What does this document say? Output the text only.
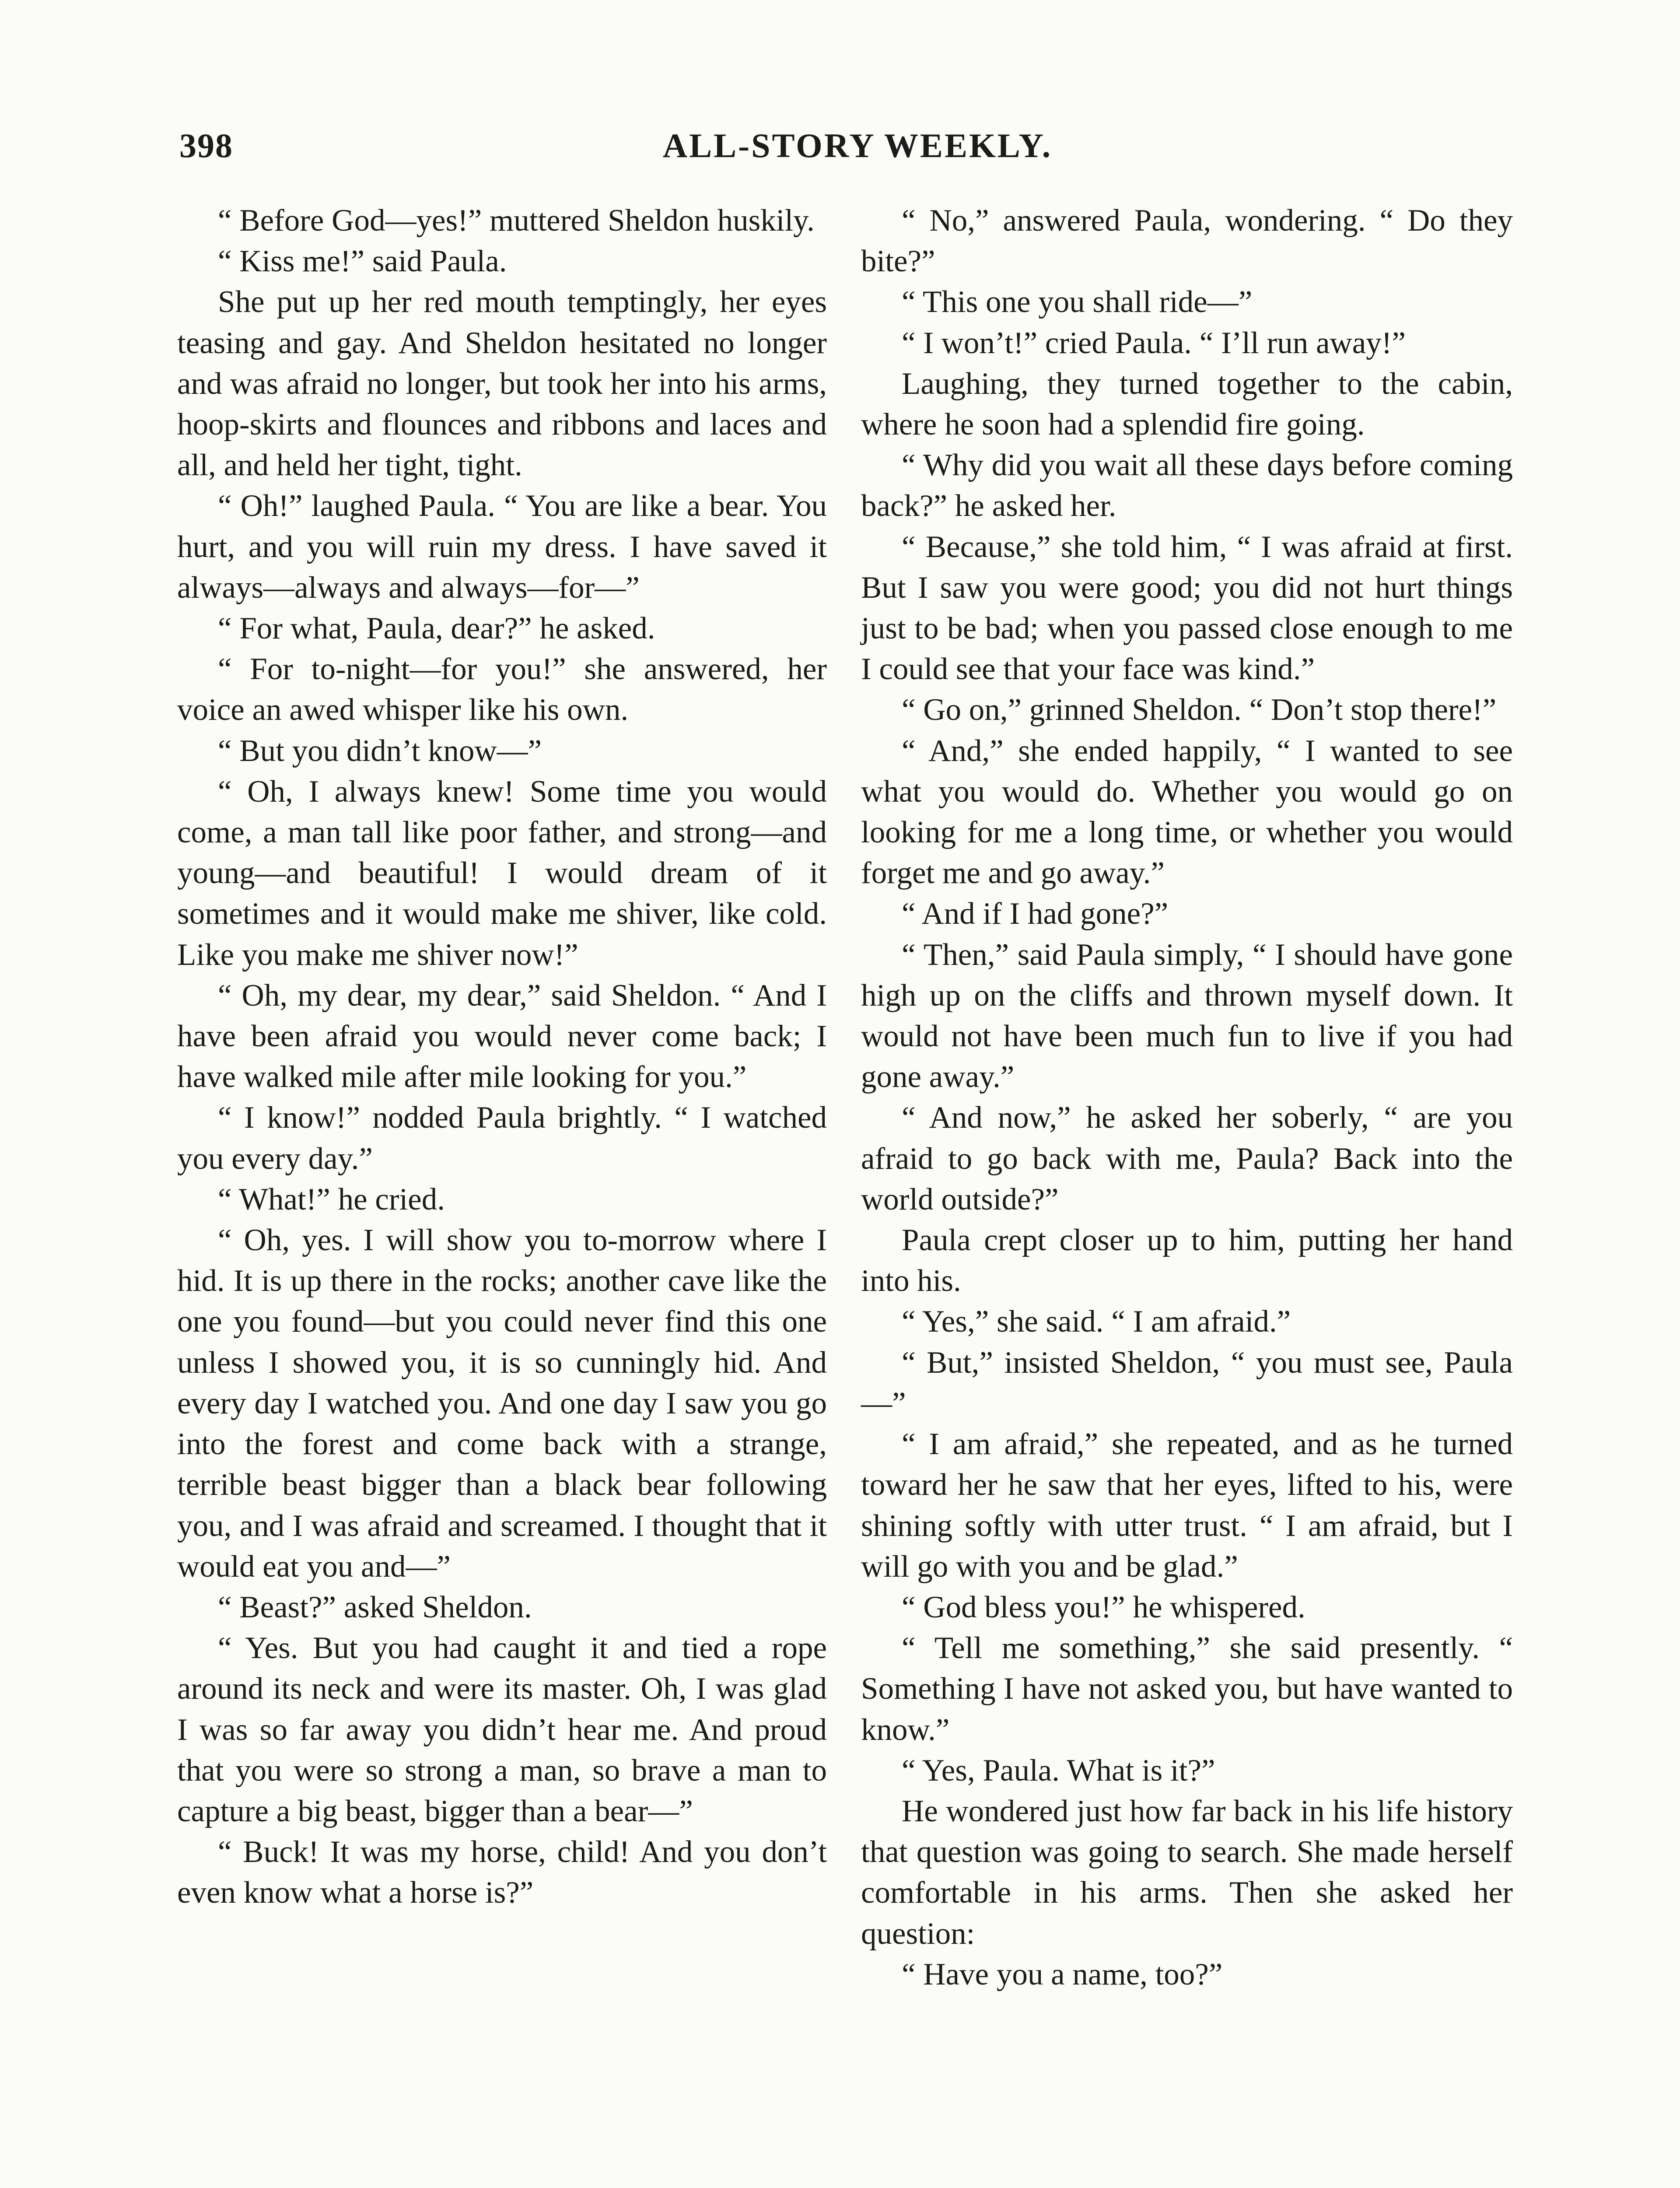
398	ALL-STORY WEEKLY.

“ Before God—yes!” muttered Sheldon huskily.

“ Kiss me!” said Paula.

She put up her red mouth temptingly, her eyes teasing and gay. And Sheldon hesitated no longer and was afraid no longer, but took her into his arms, hoop-skirts and flounces and ribbons and laces and all, and held her tight, tight.

“ Oh!” laughed Paula. “ You are like a bear. You hurt, and you will ruin my dress. I have saved it always—always and always—for—”

“ For what, Paula, dear?” he asked.

“ For to-night—for you!” she answered, her voice an awed whisper like his own.

“ But you didn’t know—”

“ Oh, I always knew! Some time you would come, a man tall like poor father, and strong—and young—and beautiful! I would dream of it sometimes and it would make me shiver, like cold. Like you make me shiver now!”

“ Oh, my dear, my dear,” said Sheldon. “ And I have been afraid you would never come back; I have walked mile after mile looking for you.”

“ I know!” nodded Paula brightly. “ I watched you every day.”

“ What!” he cried.

“ Oh, yes. I will show you to-morrow where I hid. It is up there in the rocks; another cave like the one you found—but you could never find this one unless I showed you, it is so cunningly hid. And every day I watched you. And one day I saw you go into the forest and come back with a strange, terrible beast bigger than a black bear following you, and I was afraid and screamed. I thought that it would eat you and—”

“ Beast?” asked Sheldon.

“ Yes. But you had caught it and tied a rope around its neck and were its master. Oh, I was glad I was so far away you didn’t hear me. And proud that you were so strong a man, so brave a man to capture a big beast, bigger than a bear—”

“ Buck! It was my horse, child! And you don’t even know what a horse is?”

“ No,” answered Paula, wondering. “ Do they bite?”

“ This one you shall ride—”

“ I won’t!” cried Paula. “ I’ll run away!”

Laughing, they turned together to the cabin, where he soon had a splendid fire going.

“ Why did you wait all these days before coming back?” he asked her.

“ Because,” she told him, “ I was afraid at first. But I saw you were good; you did not hurt things just to be bad; when you passed close enough to me I could see that your face was kind.”

“ Go on,” grinned Sheldon. “ Don’t stop there!”

“ And,” she ended happily, “ I wanted to see what you would do. Whether you would go on looking for me a long time, or whether you would forget me and go away.”

“ And if I had gone?”

“ Then,” said Paula simply, “ I should have gone high up on the cliffs and thrown myself down. It would not have been much fun to live if you had gone away.”

“ And now,” he asked her soberly, “ are you afraid to go back with me, Paula? Back into the world outside?”

Paula crept closer up to him, putting her hand into his.

“ Yes,” she said. “ I am afraid.”

“ But,” insisted Sheldon, “ you must see, Paula—”

“ I am afraid,” she repeated, and as he turned toward her he saw that her eyes, lifted to his, were shining softly with utter trust. “ I am afraid, but I will go with you and be glad.”

“ God bless you!” he whispered.

“ Tell me something,” she said presently. “ Something I have not asked you, but have wanted to know.”

“ Yes, Paula. What is it?”

He wondered just how far back in his life history that question was going to search. She made herself comfortable in his arms. Then she asked her question:

“ Have you a name, too?”
